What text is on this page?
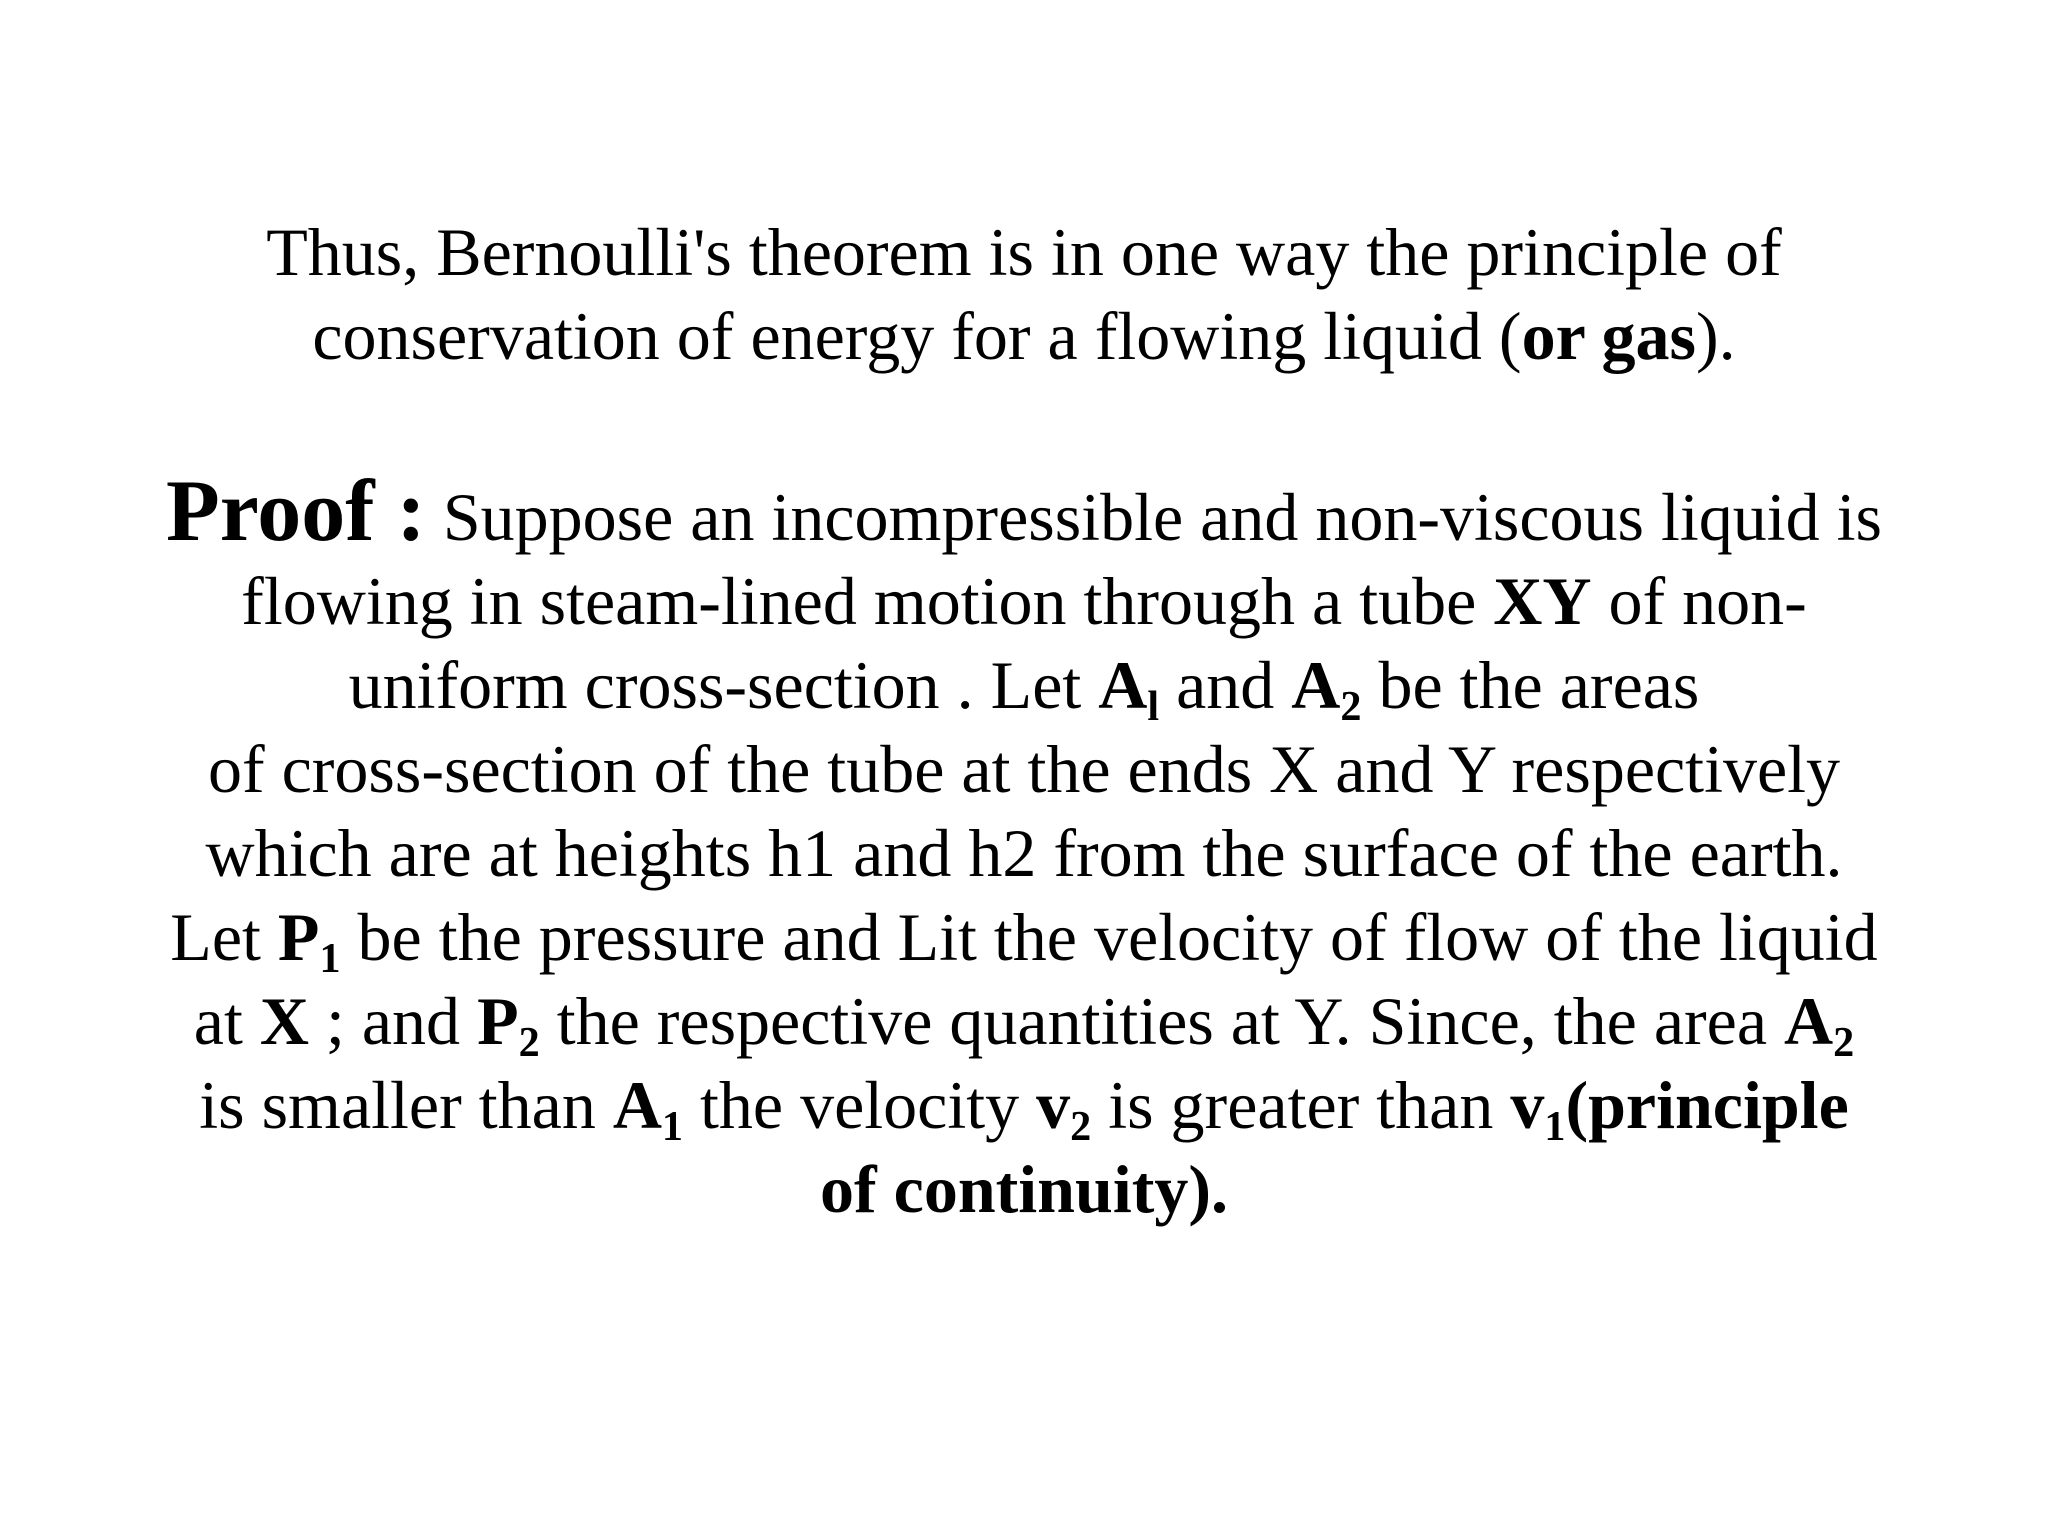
Thus, Bernoulli's theorem is in one way the principle of
conservation of energy for a flowing liquid (or gas).
Proof : Suppose an incompressible and non-viscous liquid is
flowing in steam-lined motion through a tube XY of non-
uniform cross-section . Let $A_l$ and $A_2$ be the areas
of cross-section of the tube at the ends X and Y respectively
which are at heights h1 and h2 from the surface of the earth.
Let $P_1$ be the pressure and Lit the velocity of flow of the liquid
at X ; and $P_2$ the respective quantities at Y. Since, the area $A_2$
is smaller than $A_1$ the velocity $v_2$ is greater than $v_1(principle$
of continuity).
